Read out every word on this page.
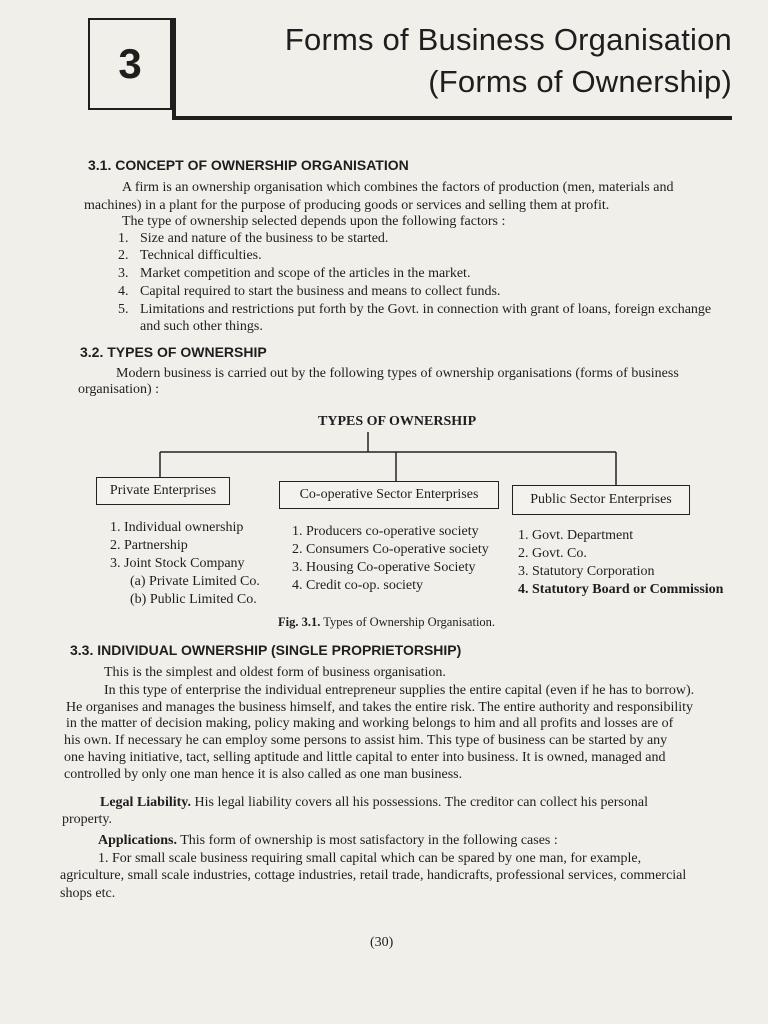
3
Forms of Business Organisation
(Forms of Ownership)
3.1. CONCEPT OF OWNERSHIP ORGANISATION
A firm is an ownership organisation which combines the factors of production (men, materials and
machines) in a plant for the purpose of producing goods or services and selling them at profit.
The type of ownership selected depends upon the following factors :
1. Size and nature of the business to be started.
2. Technical difficulties.
3. Market competition and scope of the articles in the market.
4. Capital required to start the business and means to collect funds.
5. Limitations and restrictions put forth by the Govt. in connection with grant of loans, foreign exchange
and such other things.
3.2. TYPES OF OWNERSHIP
Modern business is carried out by the following types of ownership organisations (forms of business
organisation) :
TYPES OF OWNERSHIP
Private Enterprises	Co-operative Sector Enterprises	Public Sector Enterprises
1. Individual ownership
2. Partnership
3. Joint Stock Company
(a) Private Limited Co.
(b) Public Limited Co.
1. Producers co-operative society
2. Consumers Co-operative society
3. Housing Co-operative Society
4. Credit co-op. society
1. Govt. Department
2. Govt. Co.
3. Statutory Corporation
4. Statutory Board or Commission
Fig. 3.1. Types of Ownership Organisation.
3.3. INDIVIDUAL OWNERSHIP (SINGLE PROPRIETORSHIP)
This is the simplest and oldest form of business organisation.
In this type of enterprise the individual entrepreneur supplies the entire capital (even if he has to borrow).
He organises and manages the business himself, and takes the entire risk. The entire authority and responsibility
in the matter of decision making, policy making and working belongs to him and all profits and losses are of
his own. If necessary he can employ some persons to assist him. This type of business can be started by any
one having initiative, tact, selling aptitude and little capital to enter into business. It is owned, managed and
controlled by only one man hence it is also called as one man business.
Legal Liability. His legal liability covers all his possessions. The creditor can collect his personal
property.
Applications. This form of ownership is most satisfactory in the following cases :
1. For small scale business requiring small capital which can be spared by one man, for example,
agriculture, small scale industries, cottage industries, retail trade, handicrafts, professional services, commercial
shops etc.
(30)
